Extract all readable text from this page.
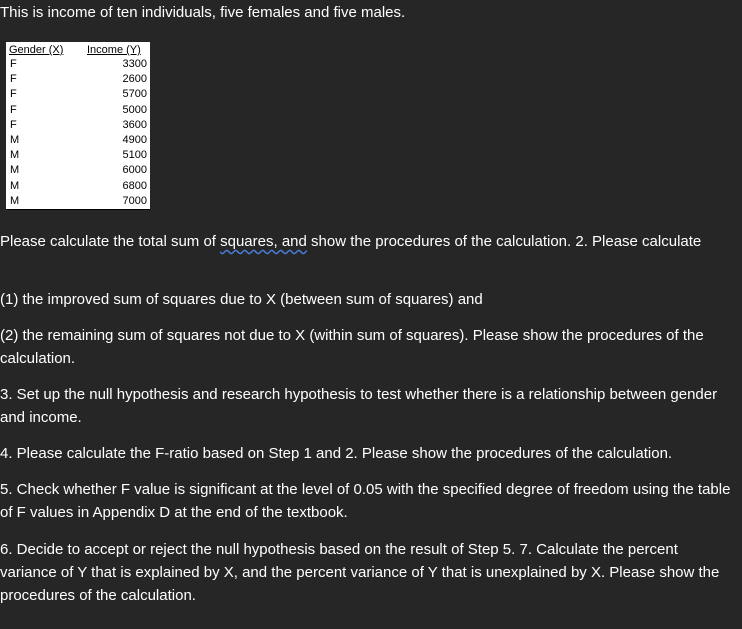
This is income of ten individuals, five females and five males.

Gender (X) Income (Y)
F	3300
F	2600
F	5700
F	5000
F	3600
M	4900
M	5100
M	6000
M	6800
M	7000

Please calculate the total sum of squares, and show the procedures of the calculation. 2. Please calculate

(1) the improved sum of squares due to X (between sum of squares) and

(2) the remaining sum of squares not due to X (within sum of squares). Please show the procedures of the calculation.

3. Set up the null hypothesis and research hypothesis to test whether there is a relationship between gender and income.

4. Please calculate the F-ratio based on Step 1 and 2. Please show the procedures of the calculation.

5. Check whether F value is significant at the level of 0.05 with the specified degree of freedom using the table of F values in Appendix D at the end of the textbook.

6. Decide to accept or reject the null hypothesis based on the result of Step 5. 7. Calculate the percent variance of Y that is explained by X, and the percent variance of Y that is unexplained by X. Please show the procedures of the calculation.
